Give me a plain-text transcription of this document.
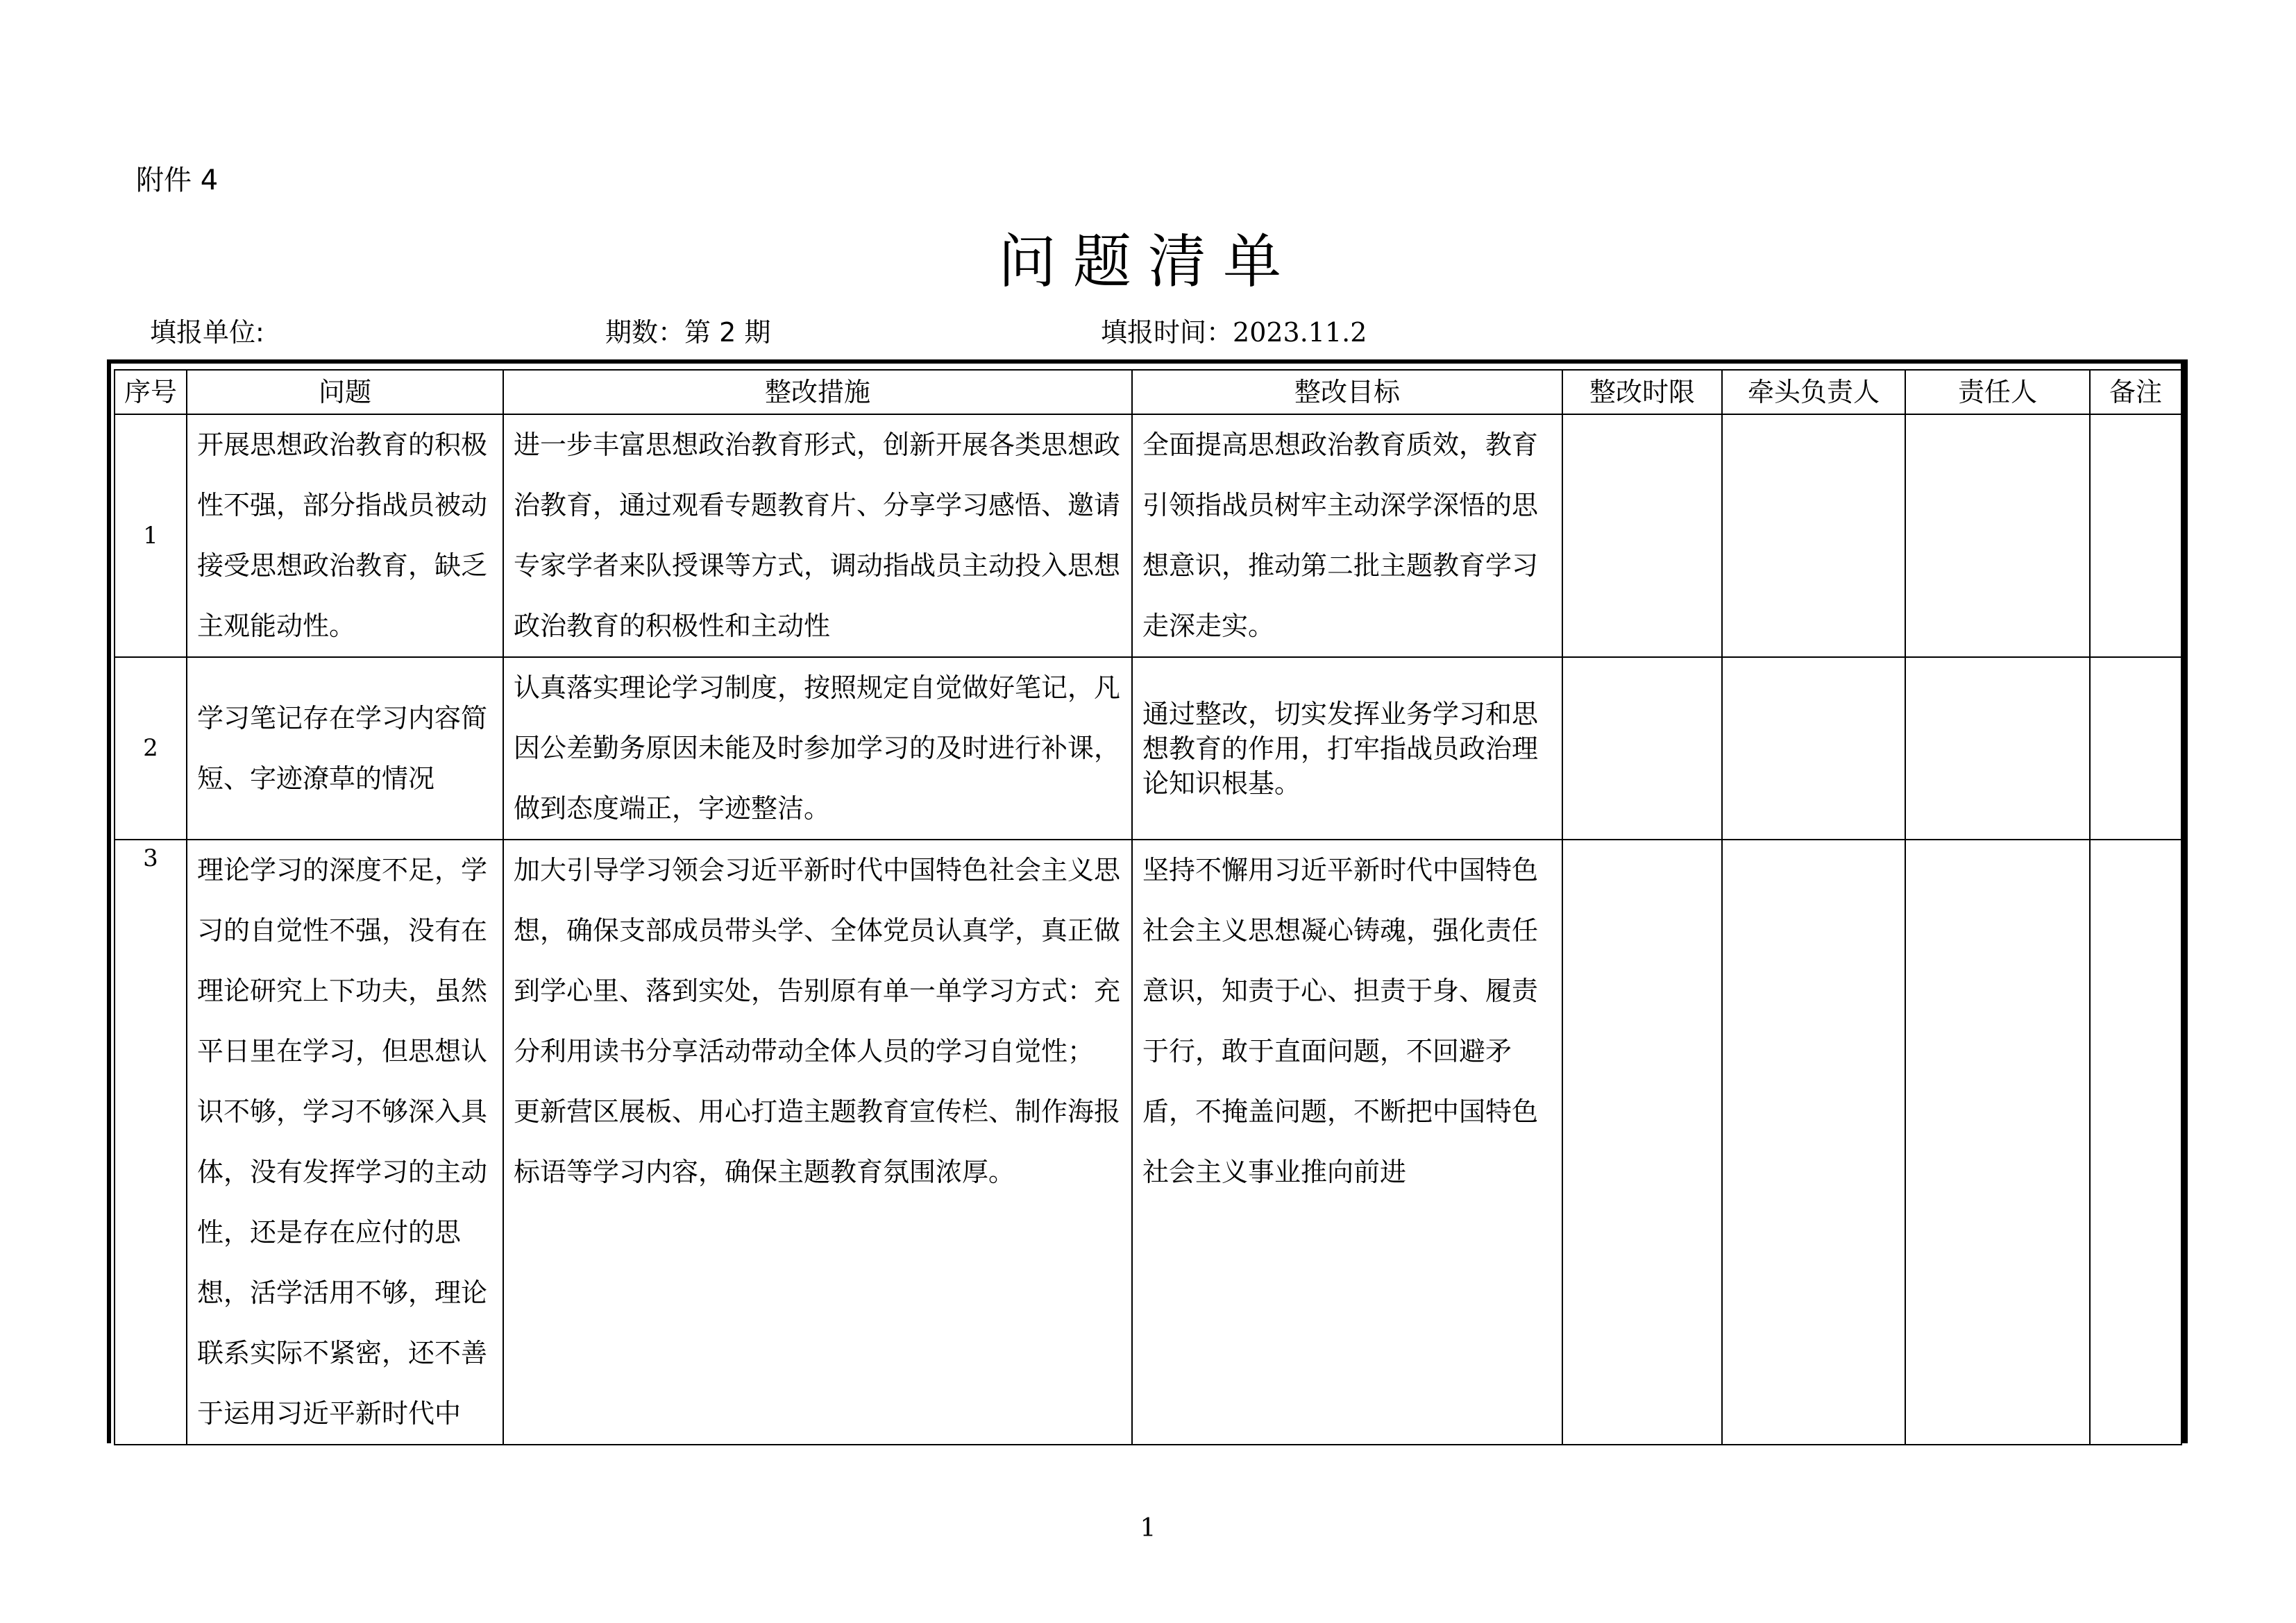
附件 4
问题清单
填报单位:	期数：第 2 期	填报时间：2023.11.2
序号	问题	整改措施	整改目标	整改时限	牵头负责人	责任人	备注
1	开展思想政治教育的积极性不强，部分指战员被动接受思想政治教育，缺乏主观能动性。	进一步丰富思想政治教育形式，创新开展各类思想政治教育，通过观看专题教育片、分享学习感悟、邀请专家学者来队授课等方式，调动指战员主动投入思想政治教育的积极性和主动性	全面提高思想政治教育质效，教育引领指战员树牢主动深学深悟的思想意识，推动第二批主题教育学习走深走实。				
2	学习笔记存在学习内容简短、字迹潦草的情况	认真落实理论学习制度，按照规定自觉做好笔记，凡因公差勤务原因未能及时参加学习的及时进行补课，做到态度端正，字迹整洁。	通过整改，切实发挥业务学习和思想教育的作用，打牢指战员政治理论知识根基。				
3	理论学习的深度不足，学习的自觉性不强，没有在理论研究上下功夫，虽然平日里在学习，但思想认识不够，学习不够深入具体，没有发挥学习的主动性，还是存在应付的思想，活学活用不够，理论联系实际不紧密，还不善于运用习近平新时代中	加大引导学习领会习近平新时代中国特色社会主义思想，确保支部成员带头学、全体党员认真学，真正做到学心里、落到实处，告别原有单一单学习方式：充分利用读书分享活动带动全体人员的学习自觉性；
更新营区展板、用心打造主题教育宣传栏、制作海报标语等学习内容，确保主题教育氛围浓厚。	坚持不懈用习近平新时代中国特色社会主义思想凝心铸魂，强化责任意识，知责于心、担责于身、履责于行，敢于直面问题，不回避矛盾，不掩盖问题，不断把中国特色社会主义事业推向前进				
1
